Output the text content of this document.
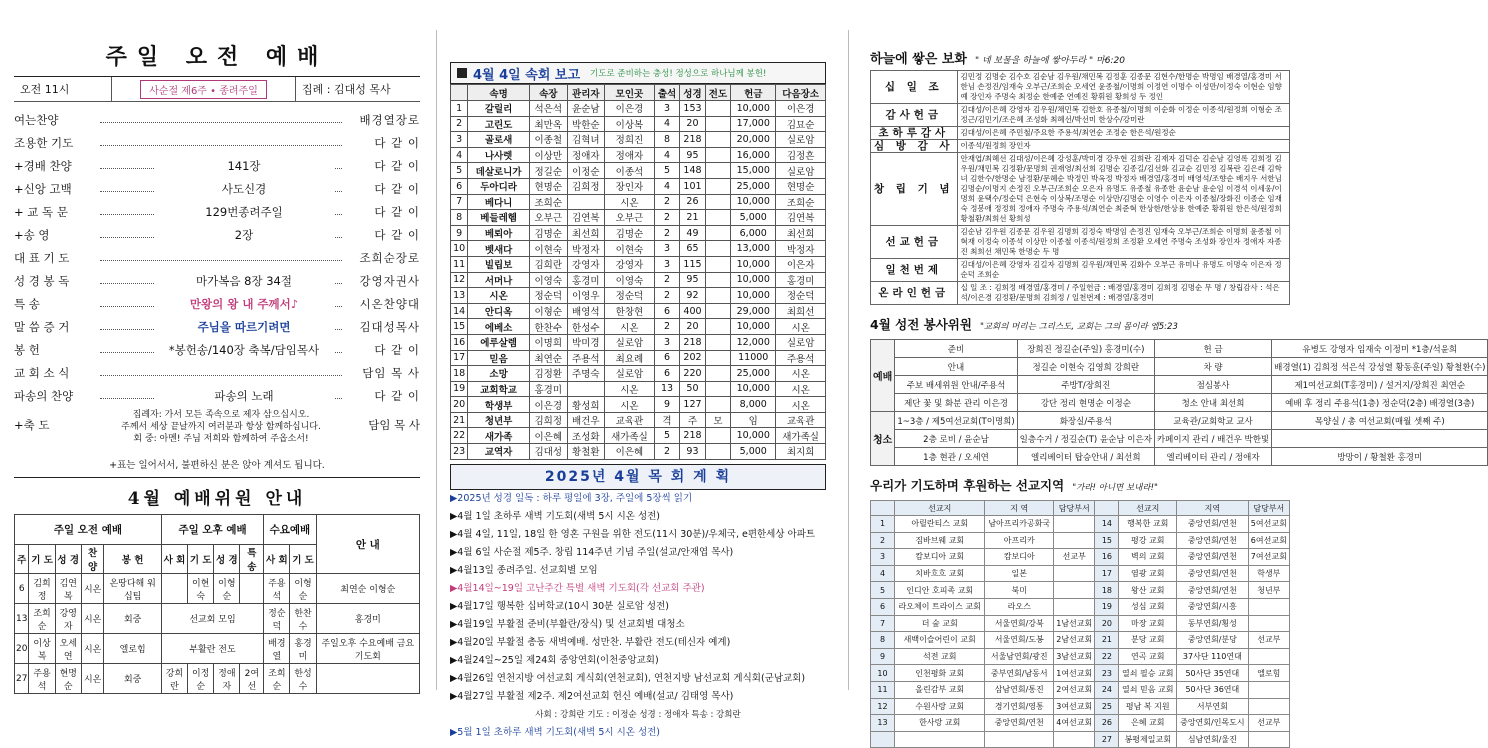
주일 오전 예배
오전 11시	사순절 제6주 • 종려주일	집례 : 김대성 목사
여는찬양	배경열장로
조용한 기도	다 같 이
+경배 찬양	141장	다 같 이
+신앙 고백	사도신경	다 같 이
+ 교 독 문	129번종려주일	다 같 이
+송 영	2장	다 같 이
대 표 기 도	조희순장로
성 경 봉 독	마가복음 8장 34절	강영자권사
특 송	만왕의 왕 내 주께서♪	시온찬양대
말 씀 증 거	주님을 따르기려면	김대성목사
봉 헌	*봉헌송/140장 축복/담임목사	다 같 이
교 회 소 식	담임 목 사
파송의 찬양	파송의 노래	다 같 이
+축 도
집례자: 가서 모든 족속으로 제자 삼으십시오.
주께서 세상 끝날까지 여러분과 항상 함께하십니다.
회 중: 아멘! 주님 저희와 함께하여 주옵소서!
담임 목 사
+표는 일어서서, 불편하신 분은 앉아 계셔도 됩니다.
4월 예배위원 안내
주일 오전 예배					주일 오후 예배				수요예배		안 내
주	기 도	성 경	찬 양	봉 헌	사 회	기 도	성 경	특 송	사 회	기 도	
6	김희정	김연복	시온	온땅다해 워십팀		이현숙	이형순		주용석	이형순	최연순 이형순
13	조희순	강영자	시온	회중	선교회 모임				정순덕	한찬수	홍경미
20	이상복	오세연	시온	엘로힘	부활란 전도				배경열	홍경미	주일오후 수요예배 금요기도회
27	주용석	현명순	시온	회중	강희란	이정순	정애자	2여선	조희순	한성수	
4월 4일 속회 보고 기도로 준비하는 충성! 정성으로 하나님께 봉헌!
	속명	속장	관리자	모인곳	출석	성경	전도	헌금	다음장소
1	갈릴리	석은석	윤순남	이은경	3	153		10,000	이은경
2	고린도	최만옥	박한순	이상복	4	20		17,000	김묘순
3	골로새	이종철	김혁녀	정희진	8	218		20,000	실로암
4	나사렛	이상만	정애자	정애자	4	95		16,000	김정흔
5	데살로니가	정길순	이정순	이종석	5	148		15,000	실로암
6	두아디라	현명순	김희정	장인자	4	101		25,000	현명순
7	베다니	조희순		시온	2	26		10,000	조희순
8	베들레헴	오부근	김연복	오부근	2	21		5,000	김연복
9	베뢰아	김명순	최선희	김명순	2	49		6,000	최선희
10	벳새다	이현숙	박정자	이현숙	3	65		13,000	박정자
11	빌립보	김희란	강영자	강영자	3	115		10,000	이은자
12	서머나	이영숙	홍경미	이영숙	2	95		10,000	홍경미
13	시온	정순덕	이영우	정순덕	2	92		10,000	정순덕
14	안디옥	이형순	배영석	한창현	6	400		29,000	최희선
15	에베소	한찬수	한성수	시온	2	20		10,000	시온
16	에루살렘	이명희	박미경	실로암	3	218		12,000	실로암
17	믿음	최연순	주용석	최요례	6	202		11000	주용석
18	소망	김정환	주명숙	실로암	6	220		25,000	시온
19	교회학교	홍경미		시온	13	50		10,000	시온
20	학생부	이은경	황성희	시온	9	127		8,000	시온
21	청년부	김희정	배건우	교육관	격	주	모	임	교육관
22	새가족	이은혜	조성화	새가족실	5	218		10,000	새가족실
23	교역자	김대성	황철환	이은혜	2	93		5,000	최지희
2025년 4월 목 회 계 획
▶2025년 성경 일독 : 하루 평일에 3장, 주일에 5장씩 읽기
▶4월 1일 초하루 새벽 기도회(새벽 5시 시온 성전)
▶4월 4일, 11일, 18일 한 영혼 구원을 위한 전도(11시 30분)/우체국, e편한세상 아파트
▶4월 6일 사순절 제5주. 창립 114주년 기념 주일(설교/안재엽 목사)
▶4월13일 종려주일. 선교회별 모임
▶4월14일~19일 고난주간 특별 새벽 기도회(각 선교회 주관)
▶4월17일 행복한 십버학교(10시 30분 실로암 성전)
▶4월19일 부활절 준비(부활란/장식) 및 선교회별 대청소
▶4월20일 부활절 총동 새벽예배. 성만찬. 부활란 전도(테신자 예계)
▶4월24일~25일 제24회 중앙연회(이천중앙교회)
▶4월26일 연천지방 여선교회 게식회(연천교회), 연천지방 남선교회 게식회(군남교회)
▶4월27일 부활절 제2주. 제2여선교회 헌신 예배(설교/ 김태영 목사)
사회 : 강희란 기도 : 이정순 성경 : 정애자 특송 : 강희란
▶5월 1일 초하루 새벽 기도회(새벽 5시 시온 성전)
하늘에 쌓은 보화 " 네 보물을 하늘에 쌓아두라 " 마6:20
십 일 조	김민정 김명순 김수호 김순남 김우원/채민복 김정훈 김종문 김현수/한명순 박명임 배경열/홍경미 서한님 손정진/임재숙 오부근/조희순 오세연 윤종철/이명희 이정연 이명수 이성만/이정숙 이현순 임향예 장인자 주명숙 최정순 한예준 연예진 황휘원 황희성 두 정인
감사헌금	김대성/이은혜 강영자 김우원/채민복 김한호 유종철/이명희 이순화 이정순 이종석/원정희 이형순 조정근/김민기/조은혜 조성화 최혜선/박선미 한상수/강미란
초하루감사	김대성/이은혜 주민철/주요한 주용석/최연순 조정순 한은석/원정순
심 방 감 사	이종석/원정희 장인자
창 립 기 념	안재엽/최혜선 김대성/이은혜 강성훈/박미경 강우현 김희란 김재자 김덕순 김순남 김영록 김희정 김우원/채민복 김정환/문명희 권재영/최선희 김명순 김종길/김선화 김교순 김민정 김복란 김은래 김학녀 김한수/한명순 남정환/문혜순 박정민 박옥정 박정자 배경열/홍경미 배영석/조향순 배지우 서한님 김명순/이명지 손정진 오부근/조희순 오은자 유명도 유종철 유종한 윤순남 윤순임 이경석 이세웅/이명희 윤택수/정순덕 은현숙 이상복/조명순 이상만/김명순 이영수 이은자 이종철/장화진 이종순 임재숙 정봉애 정정희 정애자 주명숙 주용석/최연순 최준혁 한상한/한상용 한예준 황휘원 한은석/원정희 황철환/최희선 황희성
선교헌금	김순남 김우원 김종문 김우원 김명희 김정숙 박명임 손정진 임재숙 오부근/조희순 이명희 윤종철 이혁재 이정숙 이종석 이상만 이종철 이종석/원정희 조정환 오세연 주명숙 조성화 장인자 정애자 자종진 최희선 채민복 한명순 두 명
일천번제	김대성/이은혜 강영자 김길자 김명희 김우원/채민복 김화수 오부근 유미나 유명도 이명숙 이은자 정순덕 조희순
온라인헌금	십 일 조 : 김희정 배경열/홍경미 / 주일헌금 : 배경열/홍경미 김희정 김명순 무 명 / 창립감사 : 석은석/이은경 김정환/문명희 김희정 / 일천번제 : 배경열/홍경미
4월 성전 봉사위원 "교회의 머리는 그리스도, 교회는 그의 몸이라 엡5:23
예배	준비	장희진 정길순(주일) 홍경미(수)	헌 금	유병도 강영자 임재숙 이정미 *1층/석윤희
	안내	정길순 이현숙 김영희 강희란	차 량	배경열(1) 김희정 석은석 강성열 황동훈(주일) 황철환(수)
	주보 배세위원 안내/주용석	주방T/장희진	점심봉사	제1여선교회(T홍경미) / 설거지/장희진 최연순
	제단 꽃 및 화분 관리 이은경	강단 정리 현명순 이정순	청소 안내 최선희	예배 후 정리 주용석(1층) 정순덕(2층) 배경열(3층)
청소	1~3층 / 제5여선교회(T이명희)	화장실/주용석	교육관/교회학교 교사	목양실 / 총 여선교회(매월 셋째 주)
	2층 로비 / 윤순남	일층수거 / 정길순(T) 윤순남 이은자	카페이지 관리 / 배건우 박한빛	
	1층 현관 / 오세연	엘리베이터 탑승안내 / 최선희	엘리베이터 관리 / 정애자	방망이 / 황철환 홍경미
우리가 기도하며 후원하는 선교지역 "가라! 아니면 보내라!"
	선교지	지 역	담당부서		선교지	지역	담당부서
1	아릴란티스 교회	남아프리카공화국		14	행복한 교회	중앙연회/연천	5여선교회
2	짐바브웨 교회	아프리카		15	평강 교회	중앙연회/연천	6여선교회
3	캄보디아 교회	캄보디아	선교부	16	벽의 교회	중앙연회/연천	7여선교회
4	치바흐흐 교회	일본		17	염광 교회	중앙연회/연천	학생부
5	인디안 호피족 교회	북미		18	왕산 교회	중앙연회/연천	청년부
6	라오체이 트라이스 교회	라오스		19	성심 교회	중앙연회/시흥	
7	더 숲 교회	서울연회/강북	1남선교회	20	마장 교회	동부연회/횡성	
8	새백이슬어린이 교회	서울연회/도봉	2남선교회	21	분당 교회	중앙연회/분당	선교부
9	석전 교회	서울남연회/광진	3남선교회	22	연곡 교회	37사단 110연대	
10	인천평화 교회	중부연회/남동서	1여선교회	23	열쇠 필승 교회	50사단 35연대	엘로힘
11	올린감부 교회	삼남연회/통진	2여선교회	24	열쇠 믿음 교회	50사단 36연대	
12	수원사랑 교회	경기연회/영통	3여선교회	25	평남 복 지원	서부연회	
13	한사랑 교회	중앙연회/연천	4여선교회	26	은혜 교회	중앙연회/인목도시	선교부
				27	봉평제일교회	심남연회/울진	
